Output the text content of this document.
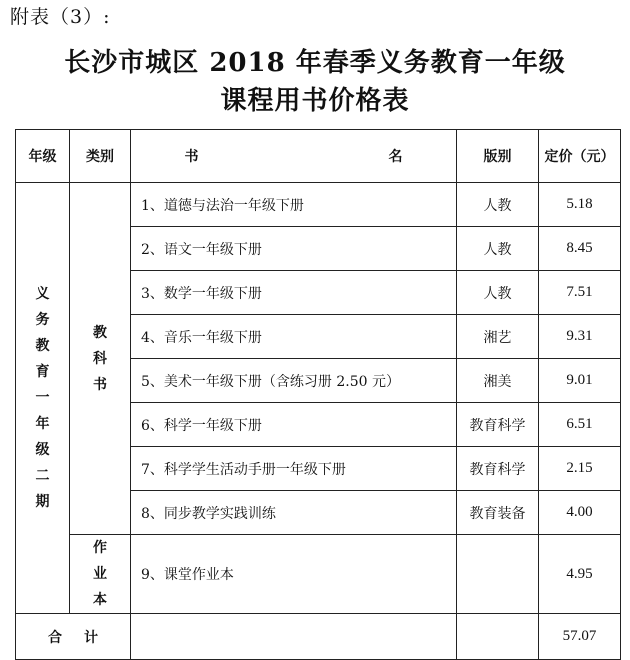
附表（3）:
长沙市城区 2018 年春季义务教育一年级
课程用书价格表
年级	类别	书 名	版别	定价（元）
义务教育一年级二期	教科书	1、道德与法治一年级下册	人教	5.18
		2、语文一年级下册	人教	8.45
		3、数学一年级下册	人教	7.51
		4、音乐一年级下册	湘艺	9.31
		5、美术一年级下册（含练习册 2.50 元）	湘美	9.01
		6、科学一年级下册	教育科学	6.51
		7、科学学生活动手册一年级下册	教育科学	2.15
		8、同步教学实践训练	教育装备	4.00
	作业本	9、课堂作业本		4.95
合计				57.07
